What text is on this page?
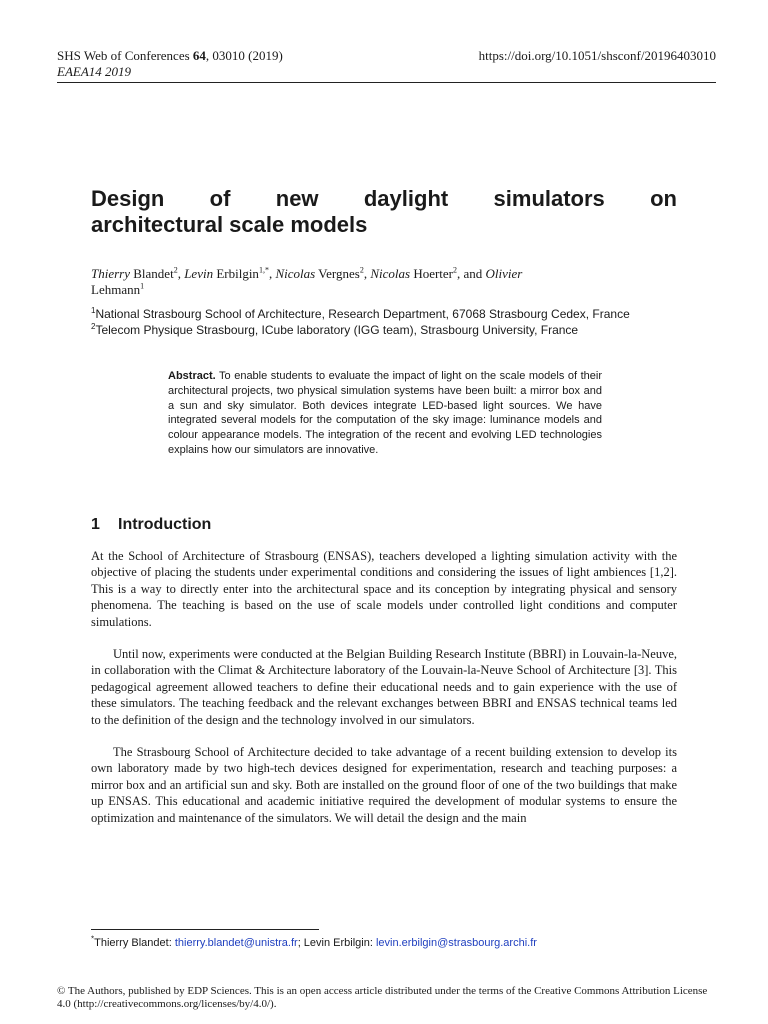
SHS Web of Conferences 64, 03010 (2019)
EAEA14 2019
https://doi.org/10.1051/shsconf/20196403010
Design of new daylight simulators on
architectural scale models
Thierry Blandet$^2$, Levin Erbilgin$^{1,*}$, Nicolas Vergnes$^2$, Nicolas Hoerter$^2$, and Olivier
Lehmann$^1$
$^1$National Strasbourg School of Architecture, Research Department, 67068 Strasbourg Cedex, France
$^2$Telecom Physique Strasbourg, ICube laboratory (IGG team), Strasbourg University, France
Abstract. To enable students to evaluate the impact of light on the scale models of their architectural projects, two physical simulation systems have been built: a mirror box and a sun and sky simulator. Both devices integrate LED-based light sources. We have integrated several models for the computation of the sky image: luminance models and colour appearance models. The integration of the recent and evolving LED technologies explains how our simulators are innovative.
1 Introduction

At the School of Architecture of Strasbourg (ENSAS), teachers developed a lighting simulation activity with the objective of placing the students under experimental conditions and considering the issues of light ambiences [1,2]. This is a way to directly enter into the architectural space and its conception by integrating physical and sensory phenomena. The teaching is based on the use of scale models under controlled light conditions and computer simulations.

Until now, experiments were conducted at the Belgian Building Research Institute (BBRI) in Louvain-la-Neuve, in collaboration with the Climat & Architecture laboratory of the Louvain-la-Neuve School of Architecture [3]. This pedagogical agreement allowed teachers to define their educational needs and to gain experience with the use of these simulators. The teaching feedback and the relevant exchanges between BBRI and ENSAS technical teams led to the definition of the design and the technology involved in our simulators.

The Strasbourg School of Architecture decided to take advantage of a recent building extension to develop its own laboratory made by two high-tech devices designed for experimentation, research and teaching purposes: a mirror box and an artificial sun and sky. Both are installed on the ground floor of one of the two buildings that make up ENSAS. This educational and academic initiative required the development of modular systems to ensure the optimization and maintenance of the simulators. We will detail the design and the main

*Thierry Blandet: thierry.blandet@unistra.fr; Levin Erbilgin: levin.erbilgin@strasbourg.archi.fr
© The Authors, published by EDP Sciences. This is an open access article distributed under the terms of the Creative Commons Attribution License 4.0 (http://creativecommons.org/licenses/by/4.0/).
